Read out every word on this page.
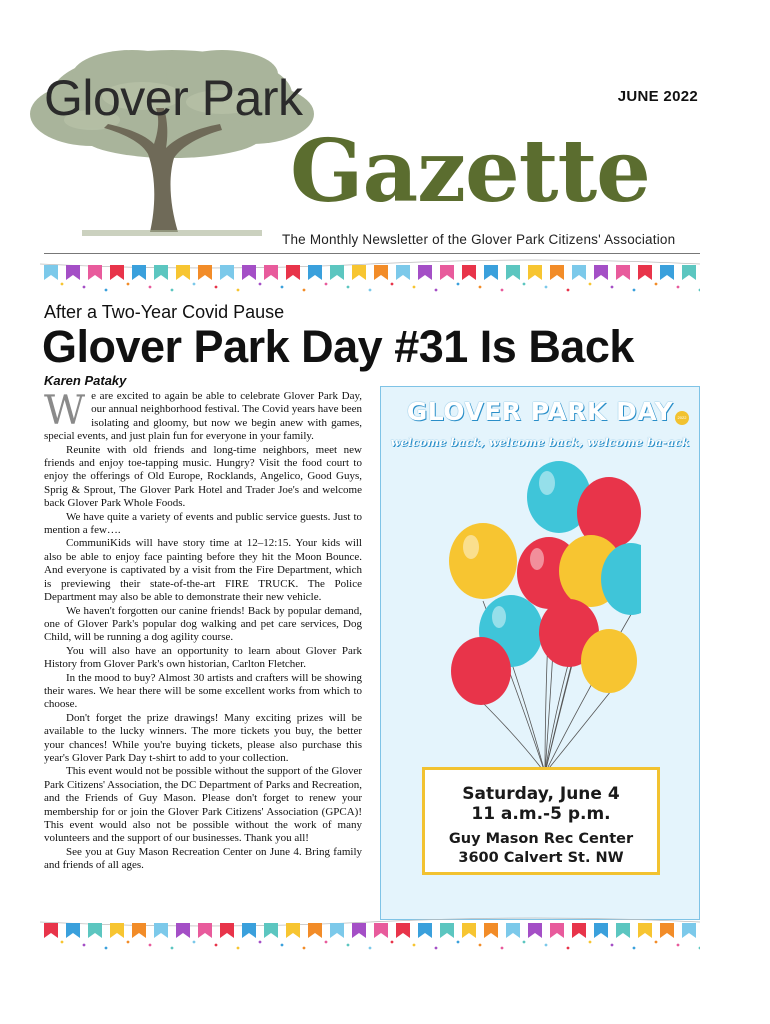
Glover Park	JUNE 2022
Gazette
The Monthly Newsletter of the Glover Park Citizens' Association
After a Two-Year Covid Pause
Glover Park Day #31 Is Back
Karen Pataky

We are excited to again be able to celebrate Glover Park Day, our annual neighborhood festival. The Covid years have been isolating and gloomy, but now we begin anew with games, special events, and just plain fun for everyone in your family.

Reunite with old friends and long-time neighbors, meet new friends and enjoy toe-tapping music. Hungry? Visit the food court to enjoy the offerings of Old Europe, Rocklands, Angelico, Good Guys, Sprig & Sprout, The Glover Park Hotel and Trader Joe's and welcome back Glover Park Whole Foods.

We have quite a variety of events and public service guests. Just to mention a few….

CommuniKids will have story time at 12–12:15. Your kids will also be able to enjoy face painting before they hit the Moon Bounce. And everyone is captivated by a visit from the Fire Department, which is previewing their state-of-the-art FIRE TRUCK. The Police Department may also be able to demonstrate their new vehicle.

We haven't forgotten our canine friends! Back by popular demand, one of Glover Park's popular dog walking and pet care services, Dog Child, will be running a dog agility course.

You will also have an opportunity to learn about Glover Park History from Glover Park's own historian, Carlton Fletcher.

In the mood to buy? Almost 30 artists and crafters will be showing their wares. We hear there will be some excellent works from which to choose.

Don't forget the prize drawings! Many exciting prizes will be available to the lucky winners. The more tickets you buy, the better your chances! While you're buying tickets, please also purchase this year's Glover Park Day t-shirt to add to your collection.

This event would not be possible without the support of the Glover Park Citizens' Association, the DC Department of Parks and Recreation, and the Friends of Guy Mason. Please don't forget to renew your membership for or join the Glover Park Citizens' Association (GPCA)! This event would also not be possible without the work of many volunteers and the support of our businesses. Thank you all!

See you at Guy Mason Recreation Center on June 4. Bring family and friends of all ages.

GLOVER PARK DAY	2022
welcome back, welcome back, welcome ba-ack
Saturday, June 4
11 a.m.-5 p.m.
Guy Mason Rec Center
3600 Calvert St. NW
